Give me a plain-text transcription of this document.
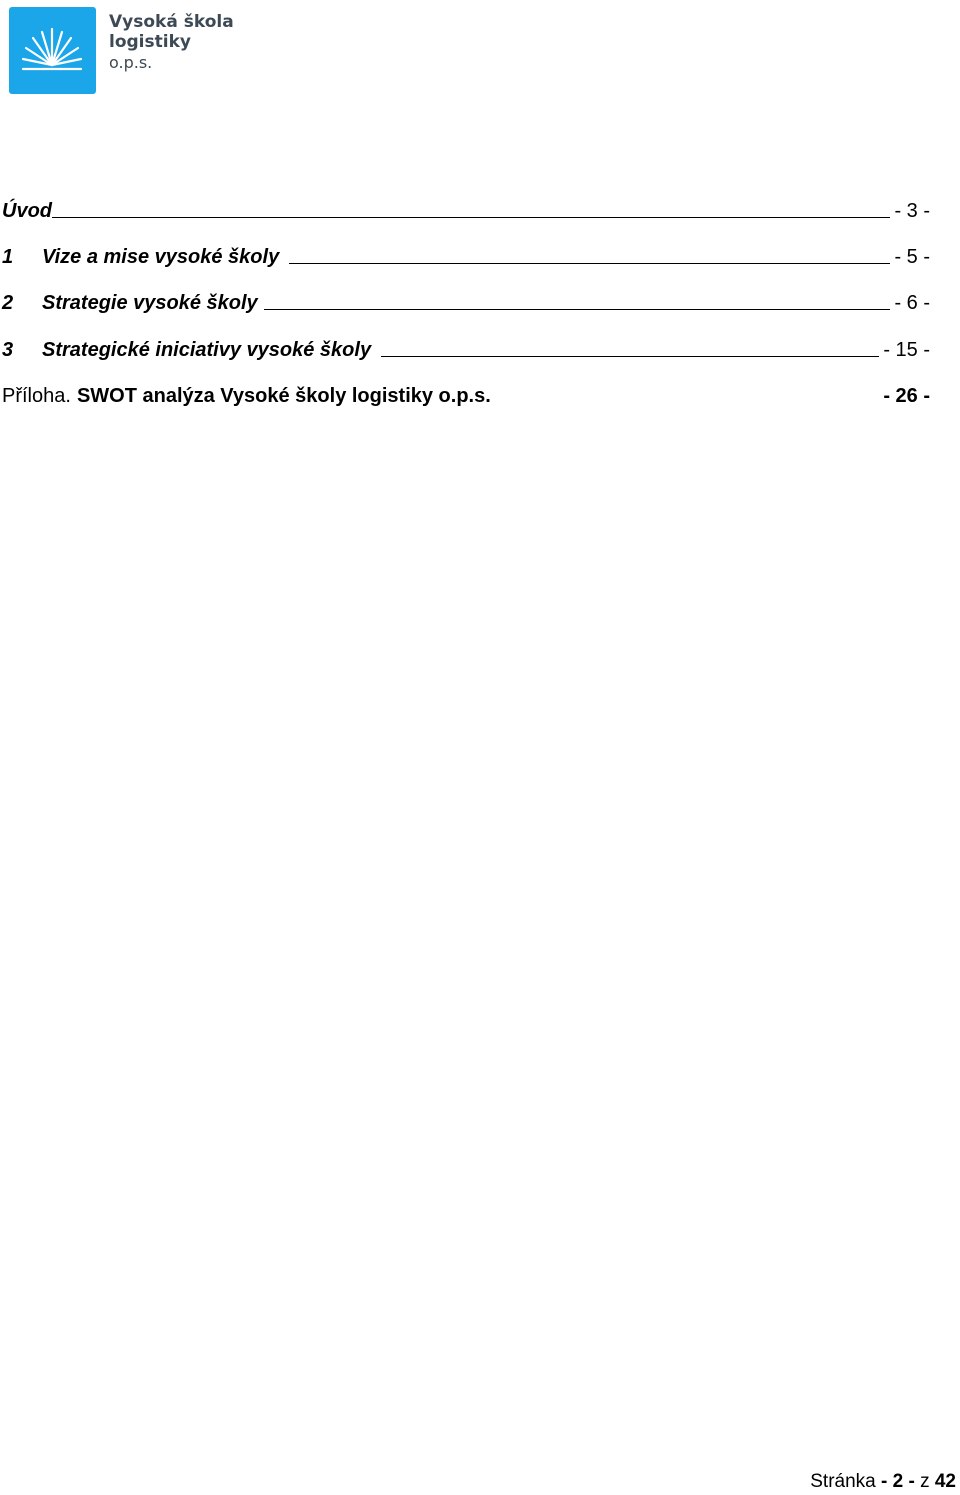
Vysoká škola
logistiky
o.p.s.
Úvod	- 3 -
1	Vize a mise vysoké školy	- 5 -
2	Strategie vysoké školy	- 6 -
3	Strategické iniciativy vysoké školy	- 15 -
Příloha. SWOT analýza Vysoké školy logistiky o.p.s.	- 26 -
Stránka - 2 - z 42
